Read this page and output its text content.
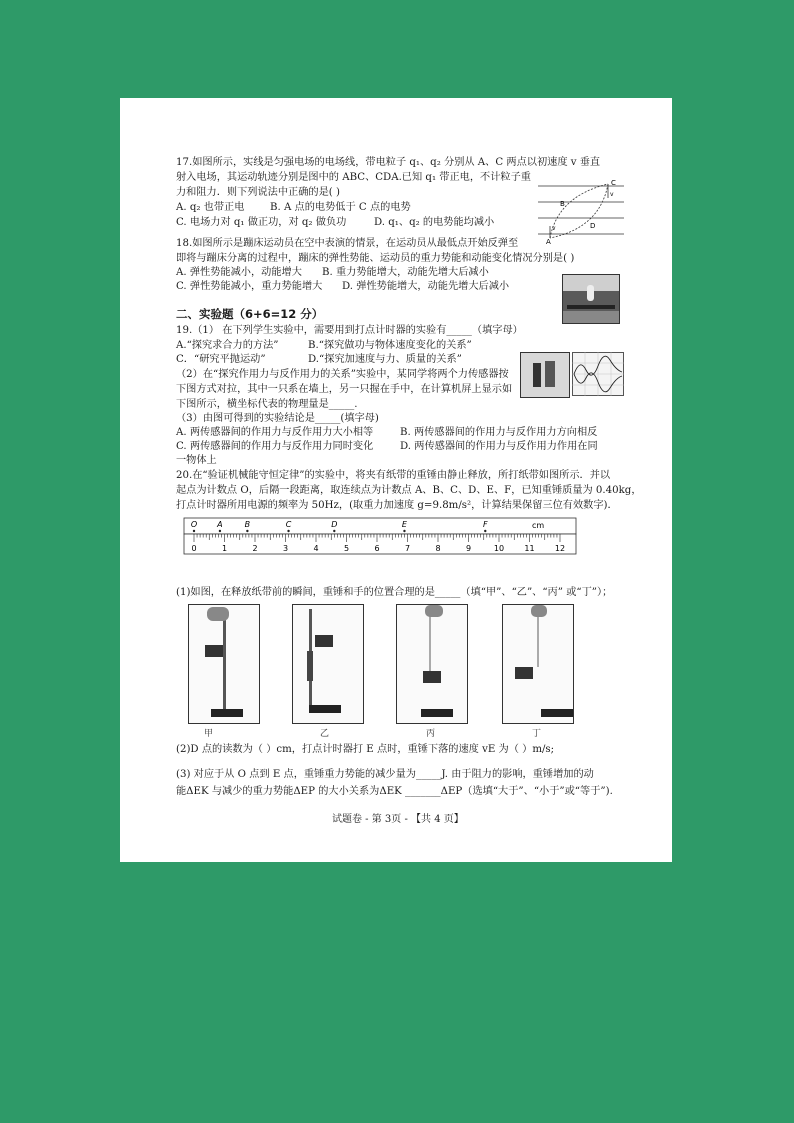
17.如图所示，实线是匀强电场的电场线，带电粒子 q₁、q₂ 分别从 A、C 两点以初速度 v 垂直
射入电场，其运动轨迹分别是图中的 ABC、CDA.已知 q₁ 带正电，不计粒子重
力和阻力．则下列说法中正确的是( )
A. q₂ 也带正电	B. A 点的电势低于 C 点的电势
C. 电场力对 q₁ 做正功，对 q₂ 做负功	D. q₁、q₂ 的电势能均减小
A
B
C
D
v
v
18.如图所示是蹦床运动员在空中表演的情景，在运动员从最低点开始反弹至
即将与蹦床分离的过程中，蹦床的弹性势能、运动员的重力势能和动能变化情况分别是( )
A. 弹性势能减小，动能增大 B. 重力势能增大，动能先增大后减小
C. 弹性势能减小，重力势能增大 D. 弹性势能增大，动能先增大后减小
二、实验题（6+6=12 分）
19.（1） 在下列学生实验中，需要用到打点计时器的实验有_____（填字母）
A.“探究求合力的方法”	B.“探究做功与物体速度变化的关系”
C．“研究平抛运动”	D.“探究加速度与力、质量的关系”
（2）在“探究作用力与反作用力的关系”实验中，某同学将两个力传感器按
下图方式对拉，其中一只系在墙上，另一只握在手中，在计算机屏上显示如
下图所示，横坐标代表的物理量是_____.
（3）由图可得到的实验结论是_____(填字母)
A. 两传感器间的作用力与反作用力大小相等	B. 两传感器间的作用力与反作用力方向相反
C. 两传感器间的作用力与反作用力同时变化	D. 两传感器间的作用力与反作用力作用在同
一物体上
20.在“验证机械能守恒定律”的实验中，将夹有纸带的重锤由静止释放，所打纸带如图所示．并以
起点为计数点 O，后隔一段距离，取连续点为计数点 A、B、C、D、E、F，已知重锤质量为 0.40kg，
打点计时器所用电源的频率为 50Hz，(取重力加速度 g=9.8m/s²，计算结果保留三位有效数字)．
cm
O	A	B	C	D	E	F
0	1	2	3	4	5	6	7	8	9	10	11	12
(1)如图，在释放纸带前的瞬间，重锤和手的位置合理的是_____（填“甲”、“乙”、“丙” 或“丁”）；
甲	乙	丙	丁
(2)D 点的读数为（ ）cm，打点计时器打 E 点时，重锤下落的速度 vE 为（ ）m/s;
(3) 对应于从 O 点到 E 点，重锤重力势能的减少量为_____J. 由于阻力的影响，重锤增加的动
能ΔEK 与减少的重力势能ΔEP 的大小关系为ΔEK _______ΔEP（选填“大于”、“小于”或“等于”).
试题卷 - 第 3页 - 【共 4 页】
